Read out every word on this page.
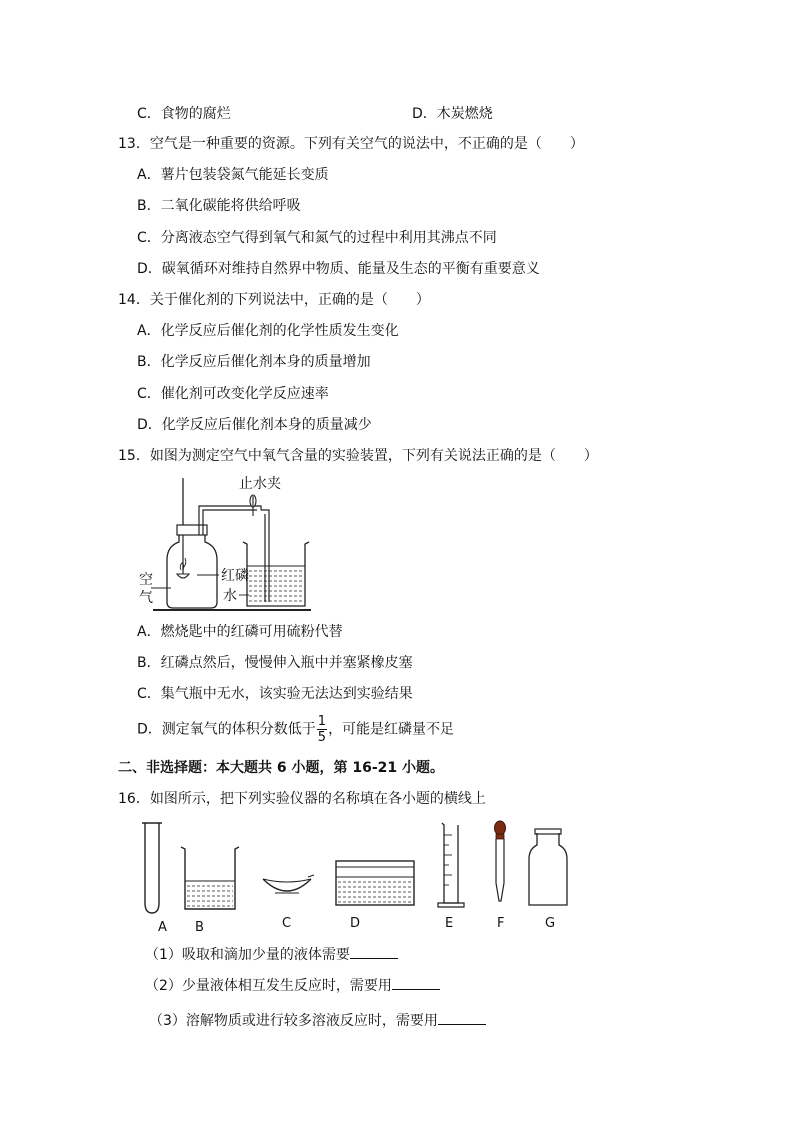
C．食物的腐烂	D．木炭燃烧
13．空气是一种重要的资源。下列有关空气的说法中，不正确的是（　　）
A．薯片包装袋氮气能延长变质
B．二氧化碳能将供给呼吸
C．分离液态空气得到氧气和氮气的过程中利用其沸点不同
D．碳氧循环对维持自然界中物质、能量及生态的平衡有重要意义
14．关于催化剂的下列说法中，正确的是（　　）
A．化学反应后催化剂的化学性质发生变化
B．化学反应后催化剂本身的质量增加
C．催化剂可改变化学反应速率
D．化学反应后催化剂本身的质量减少
15．如图为测定空气中氧气含量的实验装置，下列有关说法正确的是（　　）
止水夹
空
气
红磷
水
A．燃烧匙中的红磷可用硫粉代替
B．红磷点然后，慢慢伸入瓶中并塞紧橡皮塞
C．集气瓶中无水，该实验无法达到实验结果
D．测定氧气的体积分数低于 $\frac{1}{5}$ ，可能是红磷量不足
二、非选择题：本大题共 6 小题，第 16-21 小题。
16．如图所示，把下列实验仪器的名称填在各小题的横线上
A B	C	D	E	F	G
（1）吸取和滴加少量的液体需要
（2）少量液体相互发生反应时，需要用
（3）溶解物质或进行较多溶液反应时，需要用
